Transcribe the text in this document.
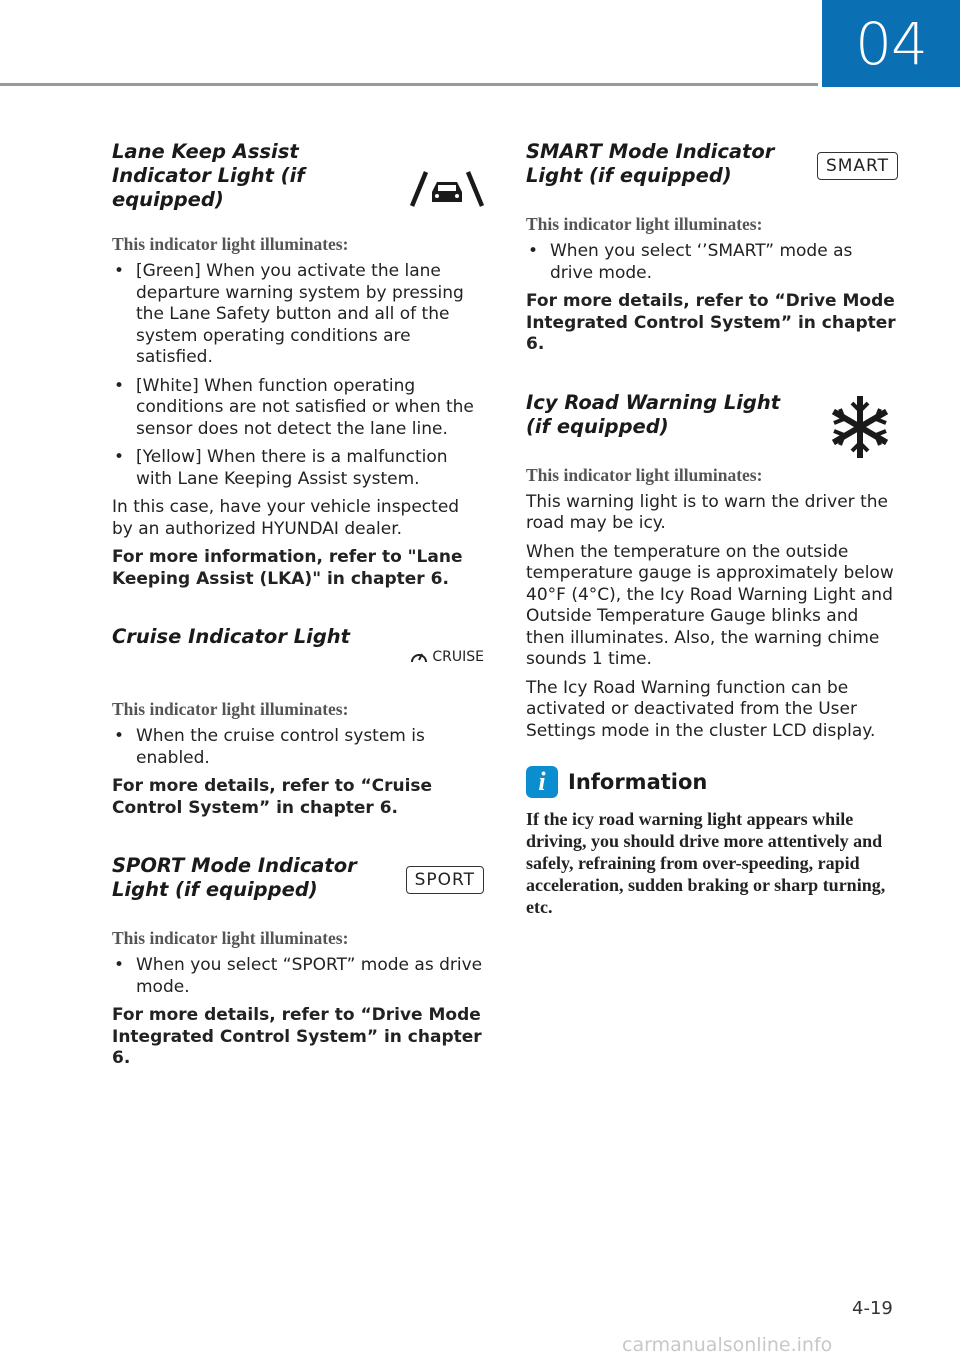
04
Lane Keep Assist Indicator Light (if equipped)

This indicator light illuminates:

• [Green] When you activate the lane departure warning system by pressing the Lane Safety button and all of the system operating conditions are satisfied.
• [White] When function operating conditions are not satisfied or when the sensor does not detect the lane line.
• [Yellow] When there is a malfunction with Lane Keeping Assist system.

In this case, have your vehicle inspected by an authorized HYUNDAI dealer.

For more information, refer to "Lane Keeping Assist (LKA)" in chapter 6.

Cruise Indicator Light
CRUISE

This indicator light illuminates:

• When the cruise control system is enabled.

For more details, refer to “Cruise Control System” in chapter 6.

SPORT Mode Indicator Light (if equipped)	SPORT

This indicator light illuminates:

• When you select “SPORT” mode as drive mode.

For more details, refer to “Drive Mode Integrated Control System” in chapter 6.

SMART Mode Indicator Light (if equipped)	SMART

This indicator light illuminates:

• When you select ‘’SMART” mode as drive mode.

For more details, refer to “Drive Mode Integrated Control System” in chapter 6.

Icy Road Warning Light (if equipped)

This indicator light illuminates:

This warning light is to warn the driver the road may be icy.

When the temperature on the outside temperature gauge is approximately below 40°F (4°C), the Icy Road Warning Light and Outside Temperature Gauge blinks and then illuminates. Also, the warning chime sounds 1 time.

The Icy Road Warning function can be activated or deactivated from the User Settings mode in the cluster LCD display.

i	Information

If the icy road warning light appears while driving, you should drive more attentively and safely, refraining from over-speeding, rapid acceleration, sudden braking or sharp turning, etc.

4-19
carmanualsonline.info
